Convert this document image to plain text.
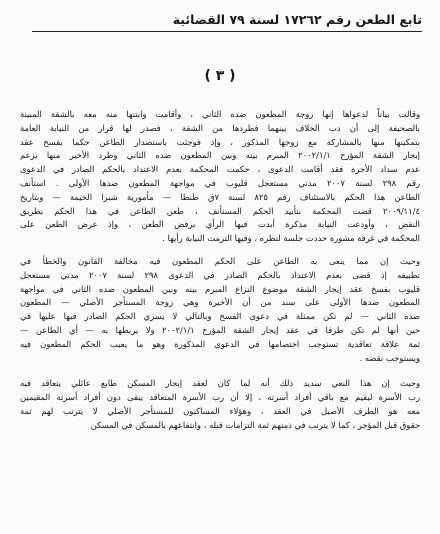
تابع الطعن رقم ١٧٢٦٢ لسنة ٧٩ القضائية
( ٣ )
وقالت بياناً لدعواها إنها زوجة المطعون ضده الثاني ، وأقامت وابنتها منه معه بالشقة المبينة
بالصحيفة إلى أن دب الخلاف بينهما فطردها من الشقة ، فصدر لها قرار من النيابة العامة
بتمكينها منها بالمشاركة مع زوجها المذكور ، وإذ فوجئت باستصدار الطاعن حكما بفسخ عقد
إيجار الشقة المؤرخ ٢٠٠٢/١/١ المبرم بينه وبين المطعون ضده الثاني وطرد الأخير منها بزعم
عدم سداد الأجرة فقد أقامت الدعوى ، حكمت المحكمة بعدم الاعتداد بالحكم الصادر في الدعوى
رقم ٢٩٨ لسنة ٢٠٠٧ مدني مستعجل قليوب في مواجهة المطعون ضدها الأولى . استأنف
الطاعن هذا الحكم بالاستئناف رقم ٨٢٥ لسنة ٧ق طنطا — مأمورية شبرا الخيمة — وبتاريخ
٢٠٠٩/١١/٤ قضت المحكمة بتأييد الحكم المستأنف ، طعن الطاعن في هذا الحكم بطريق
النقض ، وأودعت النيابة مذكرة أبدت فيها الرأي برفض الطعن ، وإذ عرض الطعن على
المحكمة في غرفة مشورة حددت جلسة لنظره ، وفيها التزمت النيابة رأيها .
وحيث إن مما ينعى به الطاعن على الحكم المطعون فيه مخالفة القانون والخطأ في
تطبيقه إذ قضى بعدم الاعتداد بالحكم الصادر في الدعوى ٢٩٨ لسنة ٢٠٠٧ مدني مستعجل
قليوب بفسخ عقد إيجار الشقة موضوع النزاع المبرم بينه وبين المطعون ضده الثاني في مواجهة
المطعون ضدها الأولى على سند من أن الأخيرة وهي زوجة المستأجر الأصلي — المطعون
ضده الثاني — لم تكن ممثلة في دعوى الفسخ وبالتالي لا يسري الحكم الصادر فيها عليها في
حين أنها لم تكن طرفا في عقد إيجار الشقة المؤرخ ٢٠٠٢/١/١ ولا يربطها به — أي الطاعن —
ثمة علاقة تعاقدية تستوجب اختصامها في الدعوى المذكورة وهو ما يعيب الحكم المطعون فيه
ويستوجب نقضه .
وحيث إن هذا النعي سديد ذلك أنه لما كان لعقد إيجار المسكن طابع عائلي يتعاقد فيه
رب الأسرة ليقيم مع باقي أفراد أسرته ، إلا أن رب الأسرة المتعاقد يبقى دون أفراد أسرته المقيمين
معه هو الطرف الأصيل في العقد ، وهؤلاء المساكنون للمستأجر الأصلي لا يترتب لهم ثمة
حقوق قبل المؤجر ، كما لا يترتب في ذمتهم ثمة التزامات قبله ، وانتفاعهم بالمسكن في المسكن
